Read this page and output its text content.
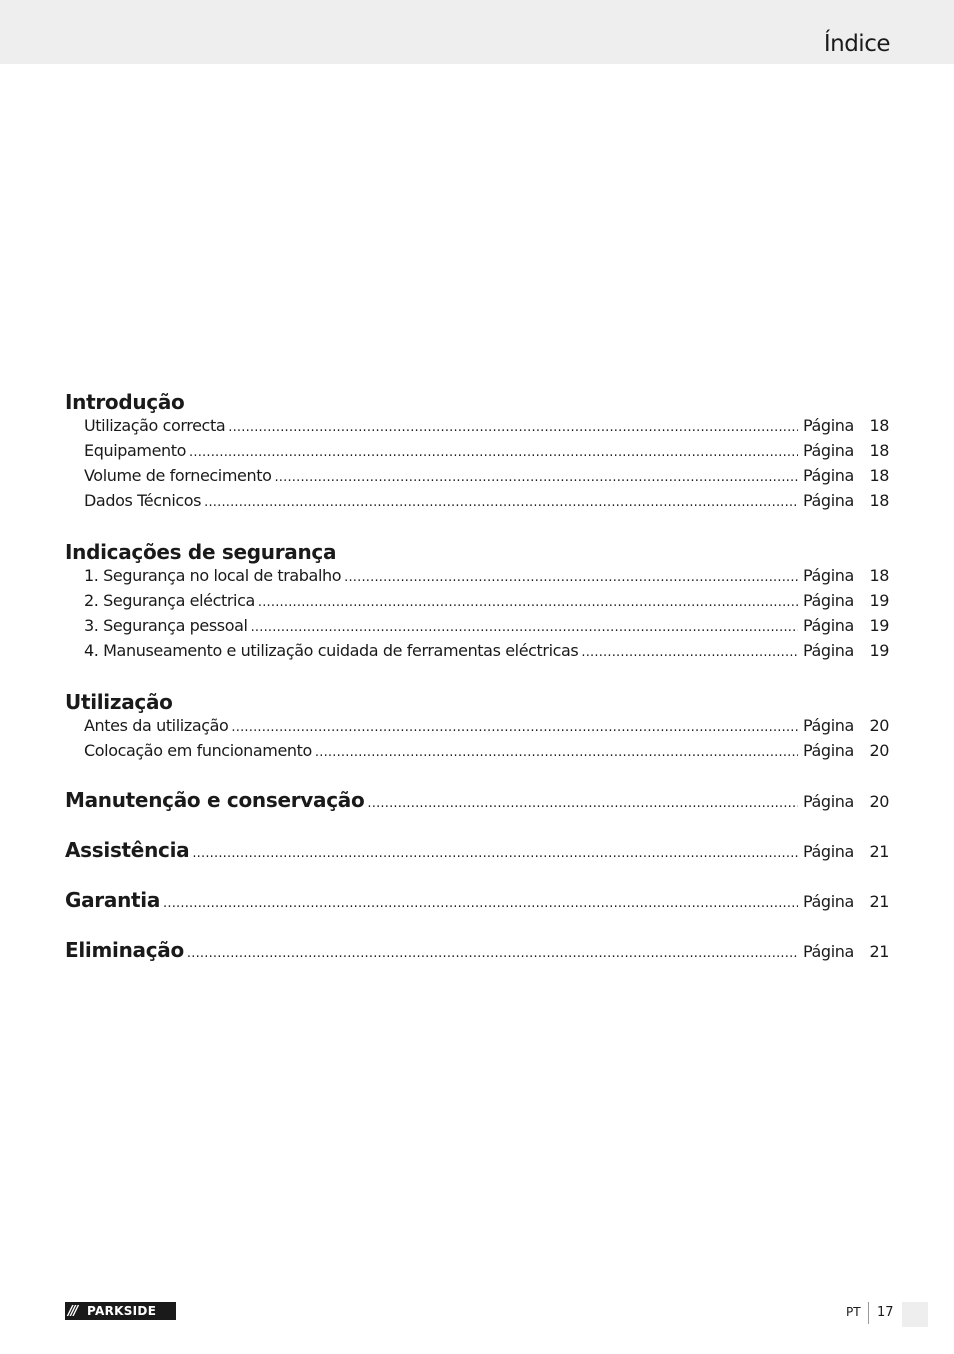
Índice
Introdução
Utilização correcta .....	Página 18
Equipamento .....	Página 18
Volume de fornecimento .....	Página 18
Dados Técnicos .....	Página 18
Indicações de segurança
1. Segurança no local de trabalho .....	Página 18
2. Segurança eléctrica .....	Página 19
3. Segurança pessoal .....	Página 19
4. Manuseamento e utilização cuidada de ferramentas eléctricas .....	Página 19
Utilização
Antes da utilização .....	Página 20
Colocação em funcionamento .....	Página 20
Manutenção e conservação .....	Página 20
Assistência .....	Página 21
Garantia .....	Página 21
Eliminação .....	Página 21
/// PARKSIDE	PT 17
